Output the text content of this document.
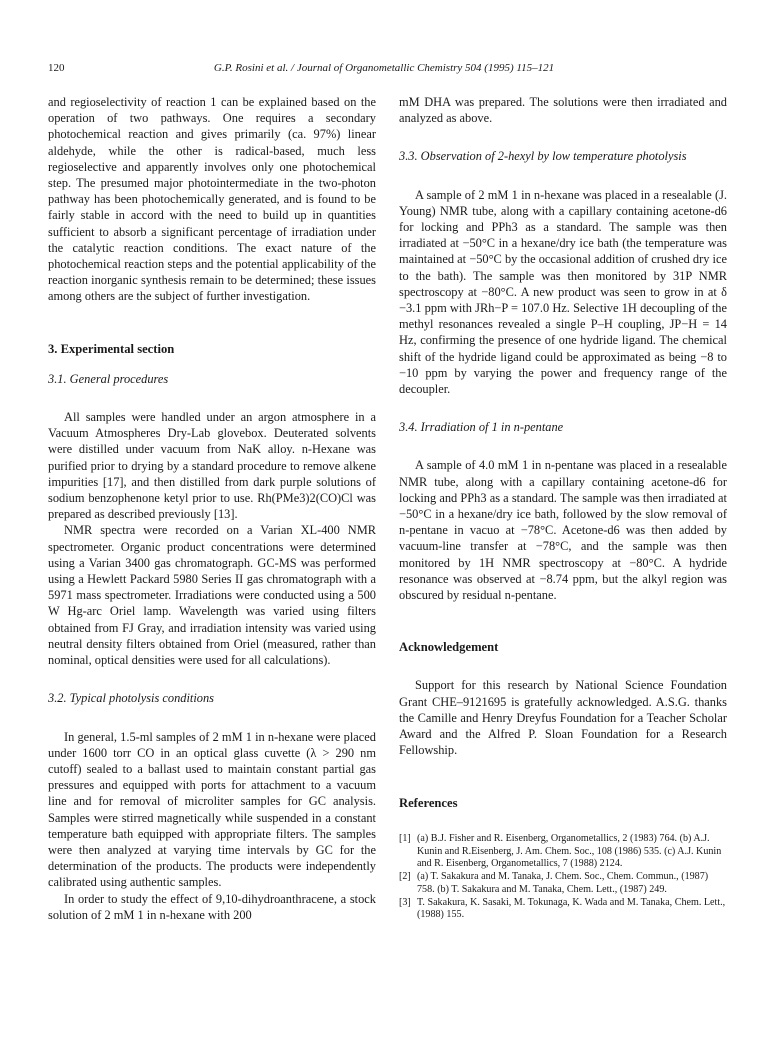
120	G.P. Rosini et al. / Journal of Organometallic Chemistry 504 (1995) 115–121

and regioselectivity of reaction 1 can be explained based on the operation of two pathways. One requires a secondary photochemical reaction and gives primarily (ca. 97%) linear aldehyde, while the other is radical-based, much less regioselective and apparently involves only one photochemical step. The presumed major photointermediate in the two-photon pathway has been photochemically generated, and is found to be fairly stable in accord with the need to build up in quantities sufficient to absorb a significant percentage of irradiation under the catalytic reaction conditions. The exact nature of the photochemical reaction steps and the potential applicability of the reaction inorganic synthesis remain to be determined; these issues among others are the subject of further investigation.

3. Experimental section
3.1. General procedures

All samples were handled under an argon atmosphere in a Vacuum Atmospheres Dry-Lab glovebox. Deuterated solvents were distilled under vacuum from NaK alloy. n-Hexane was purified prior to drying by a standard procedure to remove alkene impurities [17], and then distilled from dark purple solutions of sodium benzophenone ketyl prior to use. Rh(PMe3)2(CO)Cl was prepared as described previously [13].

NMR spectra were recorded on a Varian XL-400 NMR spectrometer. Organic product concentrations were determined using a Varian 3400 gas chromatograph. GC-MS was performed using a Hewlett Packard 5980 Series II gas chromatograph with a 5971 mass spectrometer. Irradiations were conducted using a 500 W Hg-arc Oriel lamp. Wavelength was varied using filters obtained from FJ Gray, and irradiation intensity was varied using neutral density filters obtained from Oriel (measured, rather than nominal, optical densities were used for all calculations).

3.2. Typical photolysis conditions

In general, 1.5-ml samples of 2 mM 1 in n-hexane were placed under 1600 torr CO in an optical glass cuvette (λ > 290 nm cutoff) sealed to a ballast used to maintain constant partial gas pressures and equipped with ports for attachment to a vacuum line and for removal of microliter samples for GC analysis. Samples were stirred magnetically while suspended in a constant temperature bath equipped with appropriate filters. The samples were then analyzed at varying time intervals by GC for the determination of the products. The products were independently calibrated using authentic samples.

In order to study the effect of 9,10-dihydroanthracene, a stock solution of 2 mM 1 in n-hexane with 200

mM DHA was prepared. The solutions were then irradiated and analyzed as above.

3.3. Observation of 2-hexyl by low temperature photolysis

A sample of 2 mM 1 in n-hexane was placed in a resealable (J. Young) NMR tube, along with a capillary containing acetone-d6 for locking and PPh3 as a standard. The sample was then irradiated at −50°C in a hexane/dry ice bath (the temperature was maintained at −50°C by the occasional addition of crushed dry ice to the bath). The sample was then monitored by 31P NMR spectroscopy at −80°C. A new product was seen to grow in at δ −3.1 ppm with JRh−P = 107.0 Hz. Selective 1H decoupling of the methyl resonances revealed a single P–H coupling, JP−H = 14 Hz, confirming the presence of one hydride ligand. The chemical shift of the hydride ligand could be approximated as being −8 to −10 ppm by varying the power and frequency range of the decoupler.

3.4. Irradiation of 1 in n-pentane

A sample of 4.0 mM 1 in n-pentane was placed in a resealable NMR tube, along with a capillary containing acetone-d6 for locking and PPh3 as a standard. The sample was then irradiated at −50°C in a hexane/dry ice bath, followed by the slow removal of n-pentane in vacuo at −78°C. Acetone-d6 was then added by vacuum-line transfer at −78°C, and the sample was then monitored by 1H NMR spectroscopy at −80°C. A hydride resonance was observed at −8.74 ppm, but the alkyl region was obscured by residual n-pentane.

Acknowledgement

Support for this research by National Science Foundation Grant CHE–9121695 is gratefully acknowledged. A.S.G. thanks the Camille and Henry Dreyfus Foundation for a Teacher Scholar Award and the Alfred P. Sloan Foundation for a Research Fellowship.

References
[1] (a) B.J. Fisher and R. Eisenberg, Organometallics, 2 (1983) 764. (b) A.J. Kunin and R.Eisenberg, J. Am. Chem. Soc., 108 (1986) 535. (c) A.J. Kunin and R. Eisenberg, Organometallics, 7 (1988) 2124.
[2] (a) T. Sakakura and M. Tanaka, J. Chem. Soc., Chem. Commun., (1987) 758. (b) T. Sakakura and M. Tanaka, Chem. Lett., (1987) 249.
[3] T. Sakakura, K. Sasaki, M. Tokunaga, K. Wada and M. Tanaka, Chem. Lett., (1988) 155.
